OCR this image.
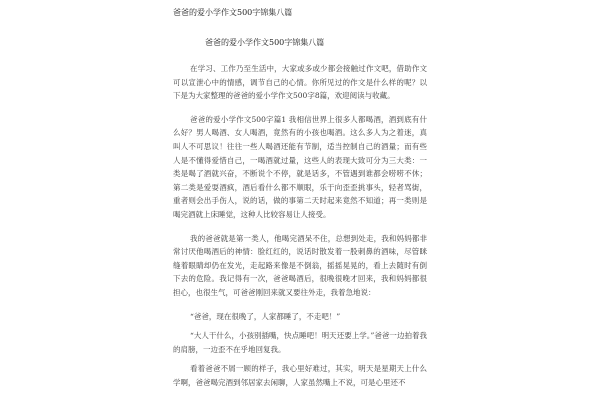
爸爸的爱小学作文500字锦集八篇
爸爸的爱小学作文500字锦集八篇

在学习、工作乃至生活中，大家或多或少都会接触过作文吧，借助作文可以宣泄心中的情感，调节自己的心情。你所见过的作文是什么样的呢？以下是为大家整理的爸爸的爱小学作文500字8篇，欢迎阅读与收藏。

爸爸的爱小学作文500字篇1 我相信世界上很多人都喝酒，酒到底有什么好？男人喝酒、女人喝酒，竟然有的小孩也喝酒。这么多人为之着迷，真叫人不可思议！往往一些人喝酒还能有节制，适当控制自己的酒量；而有些人是不懂得爱惜自己，一喝酒就过量，这些人的表现大致可分为三大类：一类是喝了酒就兴奋，不断说个不停，就是话多，不管遇到谁都会唠唠不休；第二类是爱耍酒疯，酒后看什么都不顺眼，乐于向歪歪挑事头，轻者骂街，重者则会出手伤人，说的话，做的事第二天时起来竟然不知道；再一类则是喝完酒就上床睡觉，这种人比较容易让人接受。

我的爸爸就是第一类人，他喝完酒呆不住，总想到处走，我和妈妈都非常讨厌他喝酒后的神情：脸红红的，说话时散发着一股刺鼻的酒味，尽管眯缝着眼睛却仍在发光，走起路来像是不倒翁，摇摇晃晃的，看上去随时有倒下去的危险。我记得有一次，爸爸喝酒后，很晚很晚才回来，我和妈妈都很担心，也很生气，可爸爸刚回来就又要往外走，我着急地说：

“爸爸，现在很晚了，人家都睡了，不走吧！”

“大人干什么，小孩别插嘴，快点睡吧！明天还要上学。”爸爸一边拍着我的肩膀，一边歪不在乎地回复我。

看着爸爸不屑一顾的样子，我心里好难过，其实，明天是星期天上什么学啊，爸爸喝完酒到邻居家去闲聊，人家虽然嘴上不说，可是心里还不
